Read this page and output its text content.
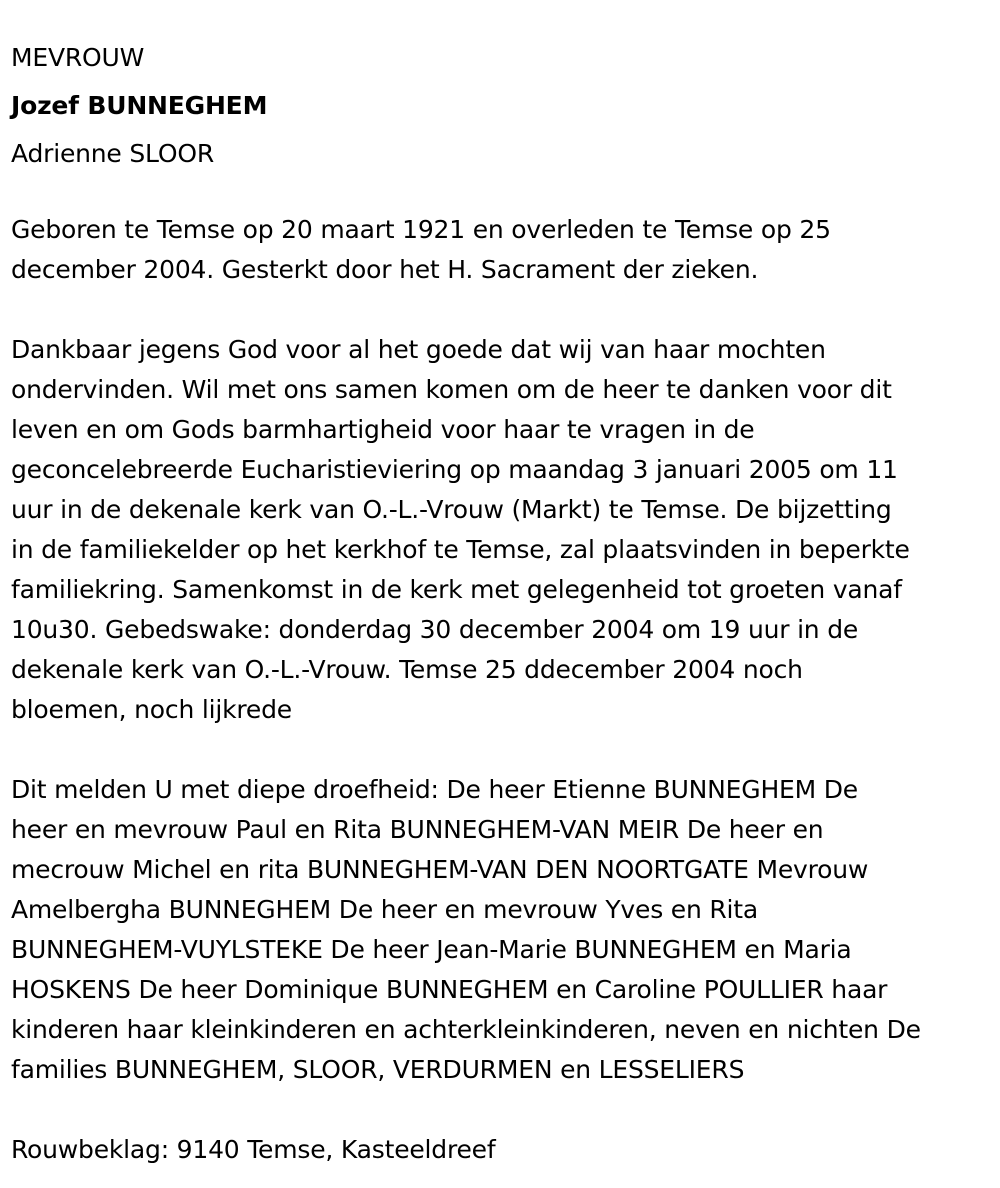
MEVROUW
Jozef BUNNEGHEM
Adrienne SLOOR
Geboren te Temse op 20 maart 1921 en overleden te Temse op 25
december 2004. Gesterkt door het H. Sacrament der zieken.
Dankbaar jegens God voor al het goede dat wij van haar mochten
ondervinden. Wil met ons samen komen om de heer te danken voor dit
leven en om Gods barmhartigheid voor haar te vragen in de
geconcelebreerde Eucharistieviering op maandag 3 januari 2005 om 11
uur in de dekenale kerk van O.-L.-Vrouw (Markt) te Temse. De bijzetting
in de familiekelder op het kerkhof te Temse, zal plaatsvinden in beperkte
familiekring. Samenkomst in de kerk met gelegenheid tot groeten vanaf
10u30. Gebedswake: donderdag 30 december 2004 om 19 uur in de
dekenale kerk van O.-L.-Vrouw. Temse 25 ddecember 2004 noch
bloemen, noch lijkrede
Dit melden U met diepe droefheid: De heer Etienne BUNNEGHEM De
heer en mevrouw Paul en Rita BUNNEGHEM-VAN MEIR De heer en
mecrouw Michel en rita BUNNEGHEM-VAN DEN NOORTGATE Mevrouw
Amelbergha BUNNEGHEM De heer en mevrouw Yves en Rita
BUNNEGHEM-VUYLSTEKE De heer Jean-Marie BUNNEGHEM en Maria
HOSKENS De heer Dominique BUNNEGHEM en Caroline POULLIER haar
kinderen haar kleinkinderen en achterkleinkinderen, neven en nichten De
families BUNNEGHEM, SLOOR, VERDURMEN en LESSELIERS
Rouwbeklag: 9140 Temse, Kasteeldreef
